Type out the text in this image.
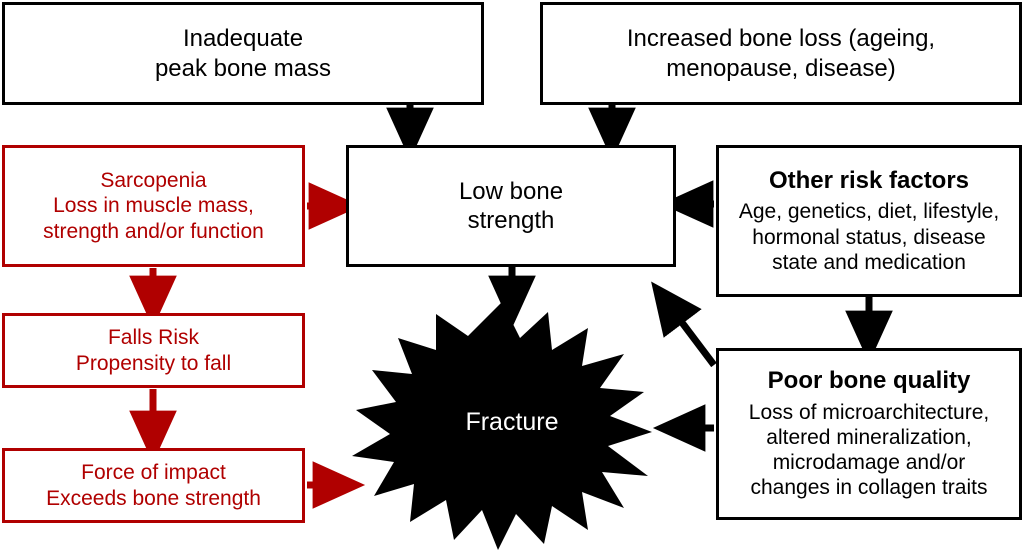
Inadequate
peak bone mass
Increased bone loss (ageing,
menopause, disease)
Low bone
strength
Other risk factors
Age, genetics, diet, lifestyle,
hormonal status, disease
state and medication
Poor bone quality
Loss of microarchitecture,
altered mineralization,
microdamage and/or
changes in collagen traits
Sarcopenia
Loss in muscle mass,
strength and/or function
Falls Risk
Propensity to fall
Force of impact
Exceeds bone strength
Fracture
